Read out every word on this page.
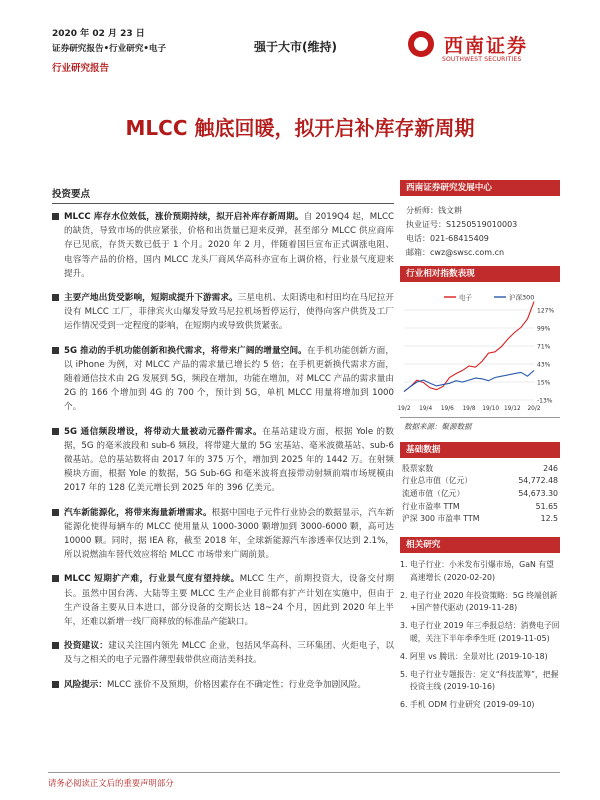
2020 年 02 月 23 日
证券研究报告•行业研究•电子
行业研究报告
强于大市(维持)	西南证券
SOUTHWEST SECURITIES
MLCC 触底回暖，拟开启补库存新周期
投资要点
MLCC 库存水位效低，涨价预期持续，拟开启补库存新周期。自 2019Q4 起，MLCC 的缺货，导致市场的供应紧张，价格和出货量已迎来反弹，甚至部分 MLCC 供应商库存已见底，存货天数已低于 1 个月。2020 年 2 月，伴随着国巨宣布正式调涨电阻、电容等产品的价格，国内 MLCC 龙头厂商风华高科亦宣布上调价格，行业景气度迎来提升。
主要产地出货受影响，短期或提升下游需求。三星电机、太阳诱电和村田均在马尼拉开设有 MLCC 工厂，菲律宾火山爆发导致马尼拉机场暂停运行，使得向客户供货及工厂运作情况受到一定程度的影响，在短期内或导致供货紧张。
5G 推动的手机功能创新和换代需求，将带来广阔的增量空间。在手机功能创新方面，以 iPhone 为例，对 MLCC 产品的需求量已增长约 5 倍；在手机更新换代需求方面，随着通信技术由 2G 发展到 5G，频段在增加，功能在增加，对 MLCC 产品的需求量由 2G 的 166 个增加到 4G 的 700 个，预计到 5G，单机 MLCC 用量将增加到 1000 个。
5G 通信频段增设，将带动大量被动元器件需求。在基站建设方面，根据 Yole 的数据，5G 的毫米波段和 sub-6 频段，将带建大量的 5G 宏基站、毫米波微基站、sub-6 微基站。总的基站数将由 2017 年的 375 万个，增加到 2025 年的 1442 万。在射频模块方面，根据 Yole 的数据，5G Sub-6G 和毫米波将直接带动射频前端市场规模由 2017 年的 128 亿美元增长到 2025 年的 396 亿美元。
汽车新能源化，将带来海量新增需求。根据中国电子元件行业协会的数据显示，汽车新能源化使得每辆车的 MLCC 使用量从 1000-3000 颗增加到 3000-6000 颗，高可达 10000 颗。同时，据 IEA 称，截至 2018 年，全球新能源汽车渗透率仅达到 2.1%，所以说燃油车替代效应将给 MLCC 市场带来广阔前景。
MLCC 短期扩产难，行业景气度有望持续。MLCC 生产，前期投资大，设备交付期长。虽然中国台湾、大陆等主要 MLCC 生产企业目前都有扩产计划在实施中，但由于生产设备主要从日本进口，部分设备的交期长达 18~24 个月，因此到 2020 年上半年，还难以新增一线厂商释放的标准品产能缺口。
投资建议：建议关注国内领先 MLCC 企业，包括风华高科、三环集团、火炬电子，以及与之相关的电子元器件薄型载带供应商洁美科技。
风险提示：MLCC 涨价不及预期，价格因素存在不确定性；行业竞争加剧风险。
西南证券研究发展中心
分析师：钱文耕
执业证号：S1250519010003
电话：021-68415409
邮箱：cwz@swsc.com.cn
行业相对指数表现
127%
99%
71%
43%
15%
-13%
19/2 19/4 19/6 19/8 19/10 19/12 20/2
电子	沪深300
数据来源：聚源数据
基础数据
股票家数	246
行业总市值（亿元）	54,772.48
流通市值（亿元）	54,673.30
行业市盈率 TTM	51.65
沪深 300 市盈率 TTM	12.5
相关研究
1. 电子行业：小米发布引爆市场，GaN 有望高速增长 (2020-02-20)
2. 电子行业 2020 年投资策略：5G 终端创新+国产替代驱动 (2019-11-28)
3. 电子行业 2019 年三季报总结：消费电子回暖，关注下半年季季生旺 (2019-11-05)
4. 阿里 vs 腾讯：全景对比 (2019-10-18)
5. 电子行业专题报告：定义“科技蓝筹”，把握投资主线 (2019-10-16)
6. 手机 ODM 行业研究 (2019-09-10)
请务必阅读正文后的重要声明部分
